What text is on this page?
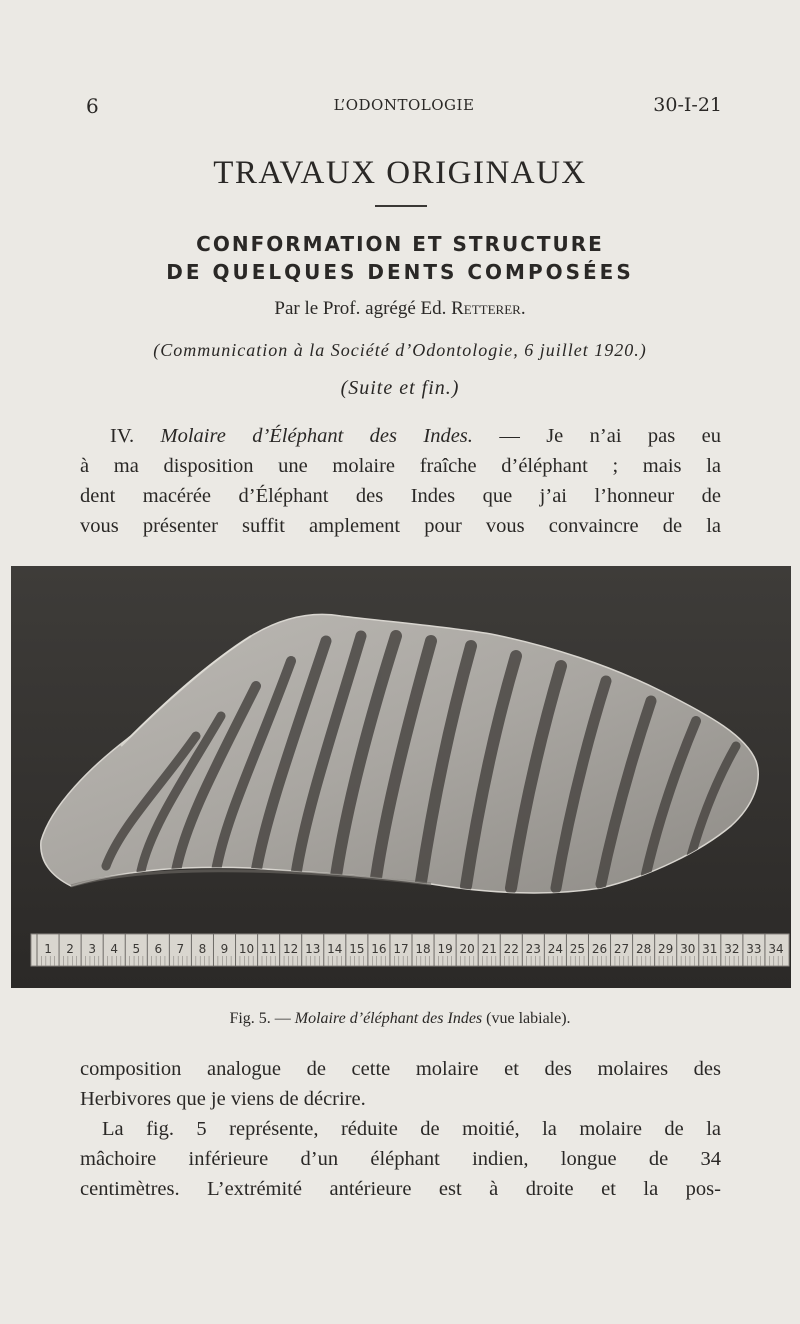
6	L’ODONTOLOGIE	30-I-21
TRAVAUX ORIGINAUX
CONFORMATION ET STRUCTURE
DE QUELQUES DENTS COMPOSÉES
Par le Prof. agrégé Ed. Retterer.
(Communication à la Société d’Odontologie, 6 juillet 1920.)
(Suite et fin.)
IV. Molaire d’Éléphant des Indes. — Je n’ai pas eu
à ma disposition une molaire fraîche d’éléphant ; mais la
dent macérée d’Éléphant des Indes que j’ai l’honneur de
vous présenter suffit amplement pour vous convaincre de la
1 2 3 4 5 6 7 8 9 10 11 12 13 14 15 16 17 18 19 20 21 22 23 24 25 26 27 28 29 30 31 32 33 34
Fig. 5. — Molaire d’éléphant des Indes (vue labiale).
composition analogue de cette molaire et des molaires des
Herbivores que je viens de décrire.
La fig. 5 représente, réduite de moitié, la molaire de la
mâchoire inférieure d’un éléphant indien, longue de 34
centimètres. L’extrémité antérieure est à droite et la pos-
